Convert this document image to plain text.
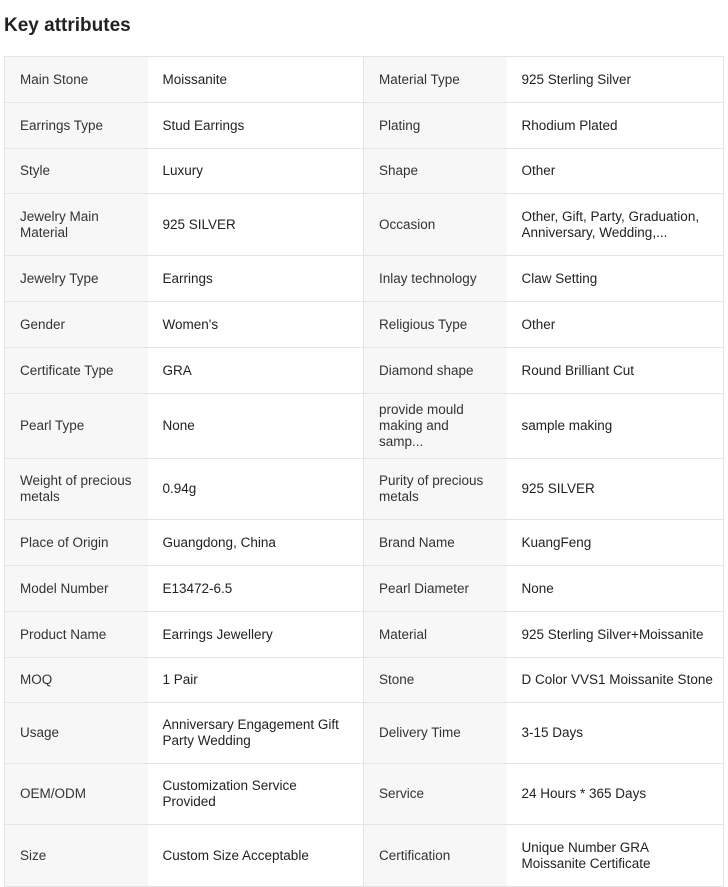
Key attributes
Main Stone	Moissanite	Material Type	925 Sterling Silver
Earrings Type	Stud Earrings	Plating	Rhodium Plated
Style	Luxury	Shape	Other
Jewelry Main Material	925 SILVER	Occasion	Other, Gift, Party, Graduation, Anniversary, Wedding,...
Jewelry Type	Earrings	Inlay technology	Claw Setting
Gender	Women's	Religious Type	Other
Certificate Type	GRA	Diamond shape	Round Brilliant Cut
Pearl Type	None	provide mould making and samp...	sample making
Weight of precious metals	0.94g	Purity of precious metals	925 SILVER
Place of Origin	Guangdong, China	Brand Name	KuangFeng
Model Number	E13472-6.5	Pearl Diameter	None
Product Name	Earrings Jewellery	Material	925 Sterling Silver+Moissanite
MOQ	1 Pair	Stone	D Color VVS1 Moissanite Stone
Usage	Anniversary Engagement Gift Party Wedding	Delivery Time	3-15 Days
OEM/ODM	Customization Service Provided	Service	24 Hours * 365 Days
Size	Custom Size Acceptable	Certification	Unique Number GRA Moissanite Certificate
